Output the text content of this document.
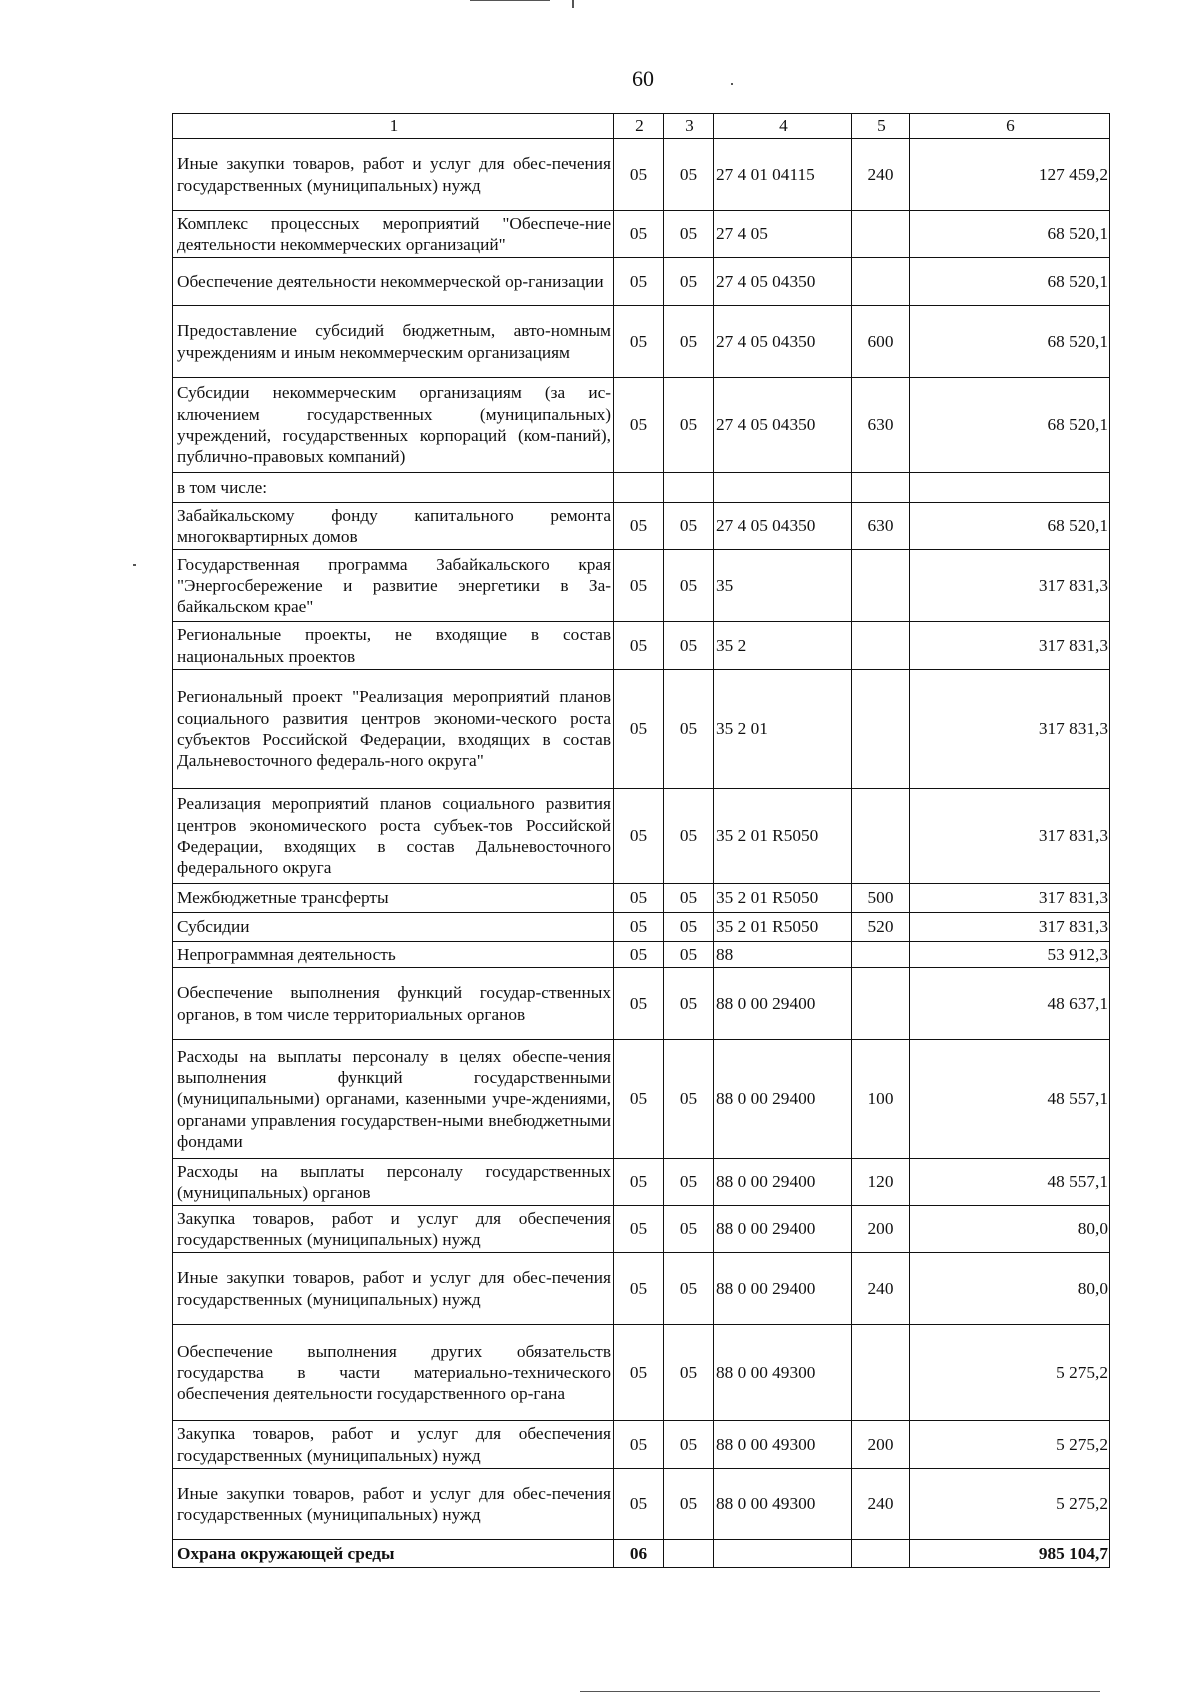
60
1	2	3	4	5	6
Иные закупки товаров, работ и услуг для обес-печения государственных (муниципальных) нужд	05	05	27 4 01 04115	240	127 459,2
Комплекс процессных мероприятий "Обеспече-ние деятельности некоммерческих организаций"	05	05	27 4 05		68 520,1
Обеспечение деятельности некоммерческой ор-ганизации	05	05	27 4 05 04350		68 520,1
Предоставление субсидий бюджетным, авто-номным учреждениям и иным некоммерческим организациям	05	05	27 4 05 04350	600	68 520,1
Субсидии некоммерческим организациям (за ис-ключением государственных (муниципальных) учреждений, государственных корпораций (ком-паний), публично-правовых компаний)	05	05	27 4 05 04350	630	68 520,1
в том числе:					
Забайкальскому фонду капитального ремонта многоквартирных домов	05	05	27 4 05 04350	630	68 520,1
Государственная программа Забайкальского края "Энергосбережение и развитие энергетики в За-байкальском крае"	05	05	35		317 831,3
Региональные проекты, не входящие в состав национальных проектов	05	05	35 2		317 831,3
Региональный проект "Реализация мероприятий планов социального развития центров экономи-ческого роста субъектов Российской Федерации, входящих в состав Дальневосточного федераль-ного округа"	05	05	35 2 01		317 831,3
Реализация мероприятий планов социального развития центров экономического роста субъек-тов Российской Федерации, входящих в состав Дальневосточного федерального округа	05	05	35 2 01 R5050		317 831,3
Межбюджетные трансферты	05	05	35 2 01 R5050	500	317 831,3
Субсидии	05	05	35 2 01 R5050	520	317 831,3
Непрограммная деятельность	05	05	88		53 912,3
Обеспечение выполнения функций государ-ственных органов, в том числе территориальных органов	05	05	88 0 00 29400		48 637,1
Расходы на выплаты персоналу в целях обеспе-чения выполнения функций государственными (муниципальными) органами, казенными учре-ждениями, органами управления государствен-ными внебюджетными фондами	05	05	88 0 00 29400	100	48 557,1
Расходы на выплаты персоналу государственных (муниципальных) органов	05	05	88 0 00 29400	120	48 557,1
Закупка товаров, работ и услуг для обеспечения государственных (муниципальных) нужд	05	05	88 0 00 29400	200	80,0
Иные закупки товаров, работ и услуг для обес-печения государственных (муниципальных) нужд	05	05	88 0 00 29400	240	80,0
Обеспечение выполнения других обязательств государства в части материально-технического обеспечения деятельности государственного ор-гана	05	05	88 0 00 49300		5 275,2
Закупка товаров, работ и услуг для обеспечения государственных (муниципальных) нужд	05	05	88 0 00 49300	200	5 275,2
Иные закупки товаров, работ и услуг для обес-печения государственных (муниципальных) нужд	05	05	88 0 00 49300	240	5 275,2
Охрана окружающей среды	06				985 104,7
